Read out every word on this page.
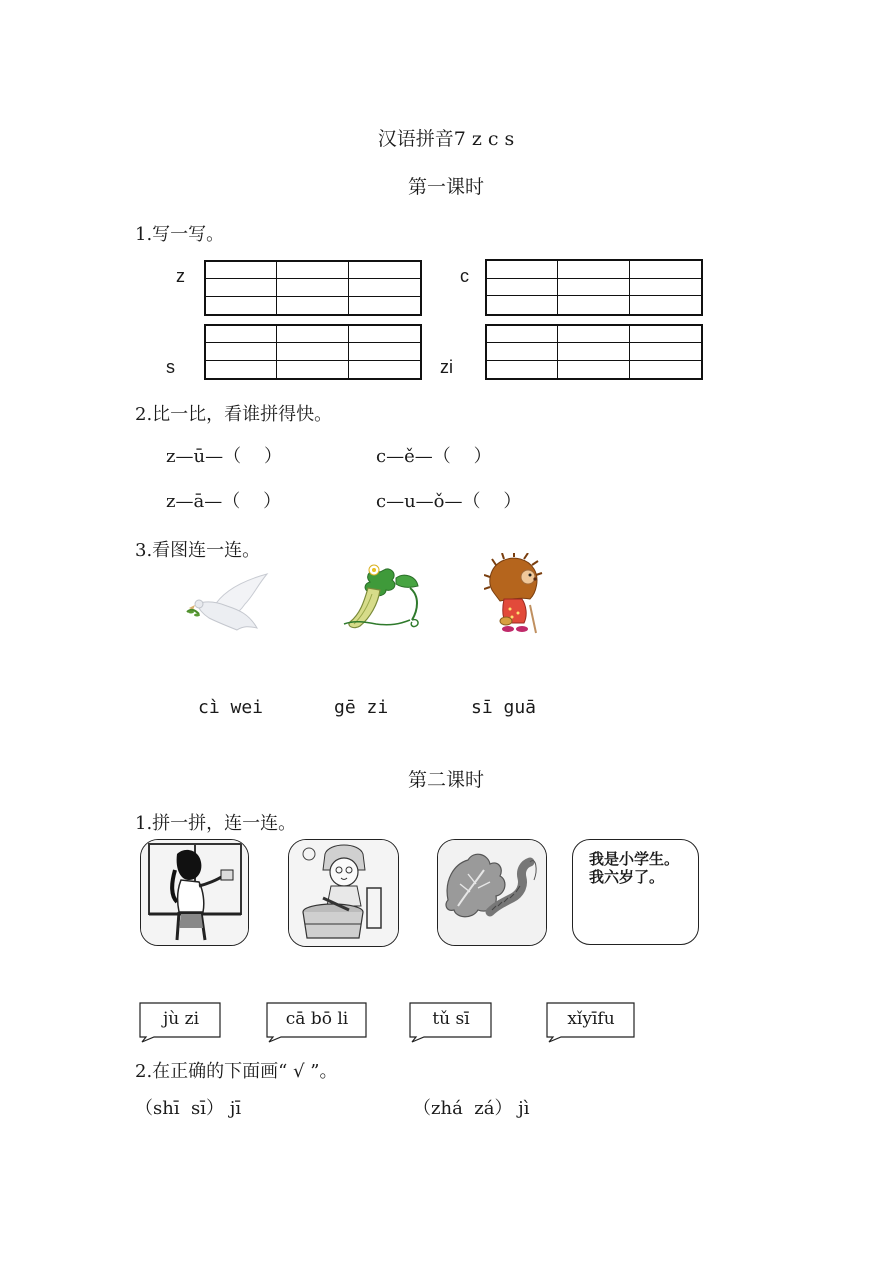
汉语拼音7 z c s
第一课时
1.写一写。
z	c
s	zi
2.比一比，看谁拼得快。
z—ū—（    ）	c—ě—（    ）
z—ā—（    ）	c—u—ǒ—（    ）
3.看图连一连。
cì wei	gē zi	sī guā
第二课时
1.拼一拼，连一连。
我是小学生。
我六岁了。
jù zi	cā bō li	tǔ sī	xǐyīfu
2.在正确的下面画“ √ ”。
（shī  sī） jī	（zhá  zá） jì
